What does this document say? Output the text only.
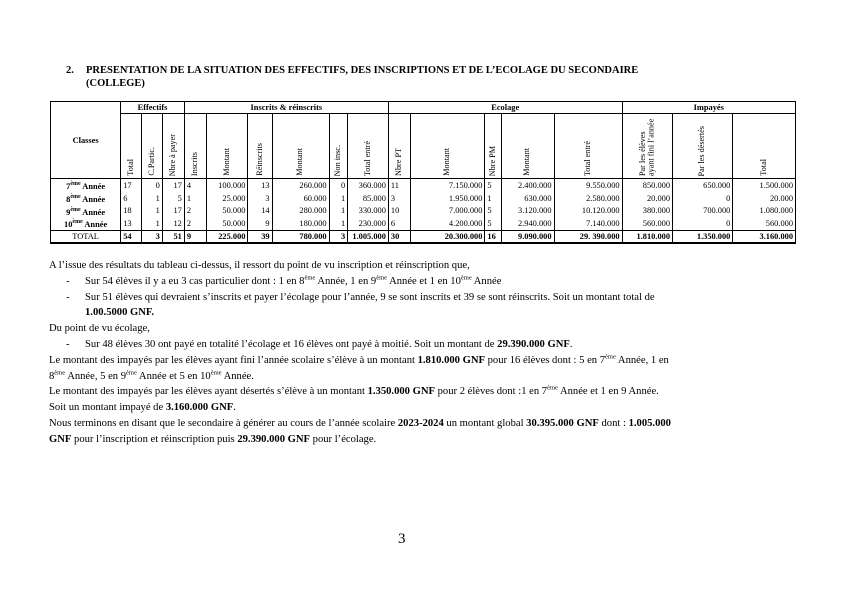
2. PRESENTATION DE LA SITUATION DES EFFECTIFS, DES INSCRIPTIONS ET DE L’ECOLAGE DU SECONDAIRE
(COLLEGE)
Classes	Effectifs			Inscrits & réinscrits						Ecolage					Impayés		

	Total	C.Partic.	Nbre à payer	Inscrits	Montant	Réinscrits	Montant	Non insc.	Total entré	Nbre PT	Montant	Nbre PM	Montant	Total entré	Par les élèves ayant fini l’année	Par les désertés	Total

7ème Année	17	0	17	4	100.000	13	260.000	0	360.000	11	7.150.000	5	2.400.000	9.550.000	850.000	650.000	1.500.000
8ème Année	6	1	5	1	25.000	3	60.000	1	85.000	3	1.950.000	1	630.000	2.580.000	20.000	0	20.000
9ème Année	18	1	17	2	50.000	14	280.000	1	330.000	10	7.000.000	5	3.120.000	10.120.000	380.000	700.000	1.080.000
10ème Année	13	1	12	2	50.000	9	180.000	1	230.000	6	4.200.000	5	2.940.000	7.140.000	560.000	0	560.000
TOTAL	54	3	51	9	225.000	39	780.000	3	1.005.000	30	20.300.000	16	9.090.000	29. 390.000	1.810.000	1.350.000	3.160.000

A l’issue des résultats du tableau ci-dessus, il ressort du point de vu inscription et réinscription que,

- Sur 54 élèves il y a eu 3 cas particulier dont : 1 en 8ème Année, 1 en 9ème Année et 1 en 10ème Année

- Sur 51 élèves qui devraient s’inscrits et payer l’écolage pour l’année, 9 se sont inscrits et 39 se sont réinscrits. Soit un montant total de
1.00.5000 GNF.

Du point de vu écolage,

- Sur 48 élèves 30 ont payé en totalité l’écolage et 16 élèves ont payé à moitié. Soit un montant de 29.390.000 GNF.

Le montant des impayés par les élèves ayant fini l’année scolaire s’élève à un montant 1.810.000 GNF pour 16 élèves dont : 5 en 7ème Année, 1 en
8ème Année, 5 en 9ème Année et 5 en 10ème Année.

Le montant des impayés par les élèves ayant désertés s’élève à un montant 1.350.000 GNF pour 2 élèves dont :1 en 7ème Année et 1 en 9 Année.

Soit un montant impayé de 3.160.000 GNF.

Nous terminons en disant que le secondaire à générer au cours de l’année scolaire 2023-2024 un montant global 30.395.000 GNF dont : 1.005.000
GNF pour l’inscription et réinscription puis 29.390.000 GNF pour l’écolage.

3
